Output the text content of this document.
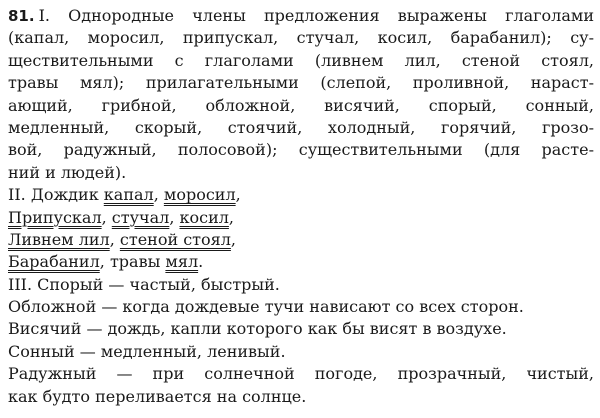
81. I. Однородные члены предложения выражены глаголами
(капал, моросил, припускал, стучал, косил, барабанил); су-
ществительными с глаголами (ливнем лил, стеной стоял,
травы мял); прилагательными (слепой, проливной, нараст-
ающий, грибной, обложной, висячий, спорый, сонный,
медленный, скорый, стоячий, холодный, горячий, грозо-
вой, радужный, полосовой); существительными (для расте-
ний и людей).
II. Дождик капал, моросил,
Припускал, стучал, косил,
Ливнем лил, стеной стоял,
Барабанил, травы мял.
III. Спорый — частый, быстрый.
Обложной — когда дождевые тучи нависают со всех сторон.
Висячий — дождь, капли которого как бы висят в воздухе.
Сонный — медленный, ленивый.
Радужный — при солнечной погоде, прозрачный, чистый,
как будто переливается на солнце.
